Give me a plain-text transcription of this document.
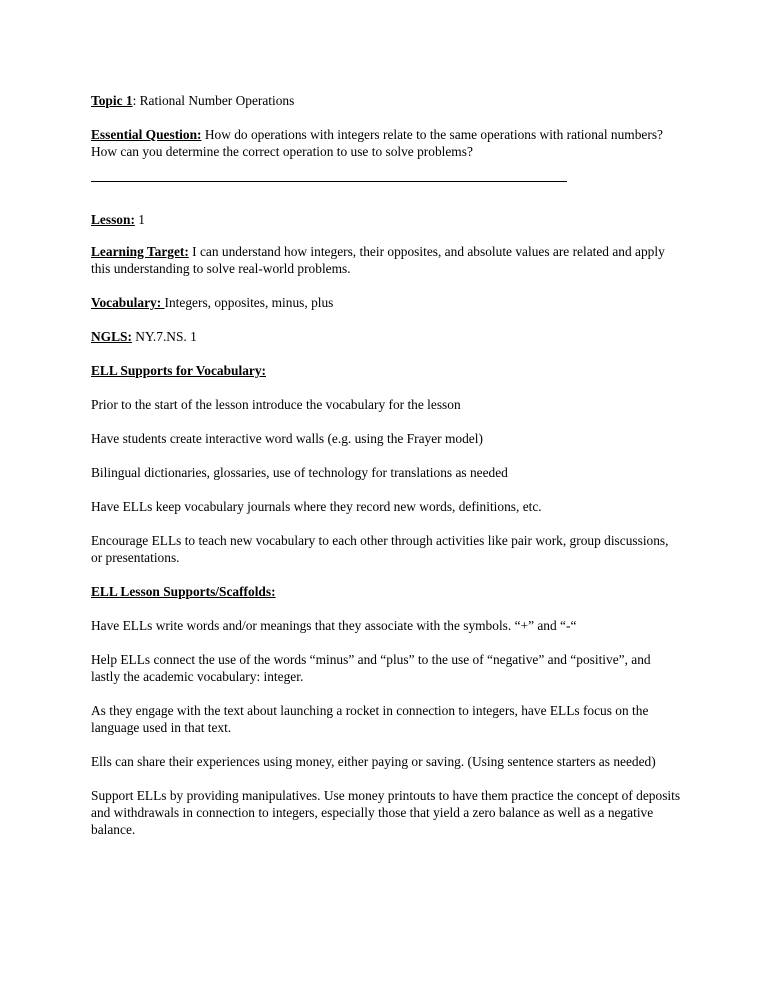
Topic 1: Rational Number Operations

Essential Question: How do operations with integers relate to the same operations with rational numbers? How can you determine the correct operation to use to solve problems?

Lesson: 1

Learning Target: I can understand how integers, their opposites, and absolute values are related and apply this understanding to solve real-world problems.

Vocabulary: Integers, opposites, minus, plus

NGLS: NY.7.NS. 1

ELL Supports for Vocabulary:

Prior to the start of the lesson introduce the vocabulary for the lesson

Have students create interactive word walls (e.g. using the Frayer model)

Bilingual dictionaries, glossaries, use of technology for translations as needed

Have ELLs keep vocabulary journals where they record new words, definitions, etc.

Encourage ELLs to teach new vocabulary to each other through activities like pair work, group discussions, or presentations.

ELL Lesson Supports/Scaffolds:

Have ELLs write words and/or meanings that they associate with the symbols. “+” and “-“

Help ELLs connect the use of the words “minus” and “plus” to the use of “negative” and “positive”, and lastly the academic vocabulary: integer.

As they engage with the text about launching a rocket in connection to integers, have ELLs focus on the language used in that text.

Ells can share their experiences using money, either paying or saving. (Using sentence starters as needed)

Support ELLs by providing manipulatives. Use money printouts to have them practice the concept of deposits and withdrawals in connection to integers, especially those that yield a zero balance as well as a negative balance.
